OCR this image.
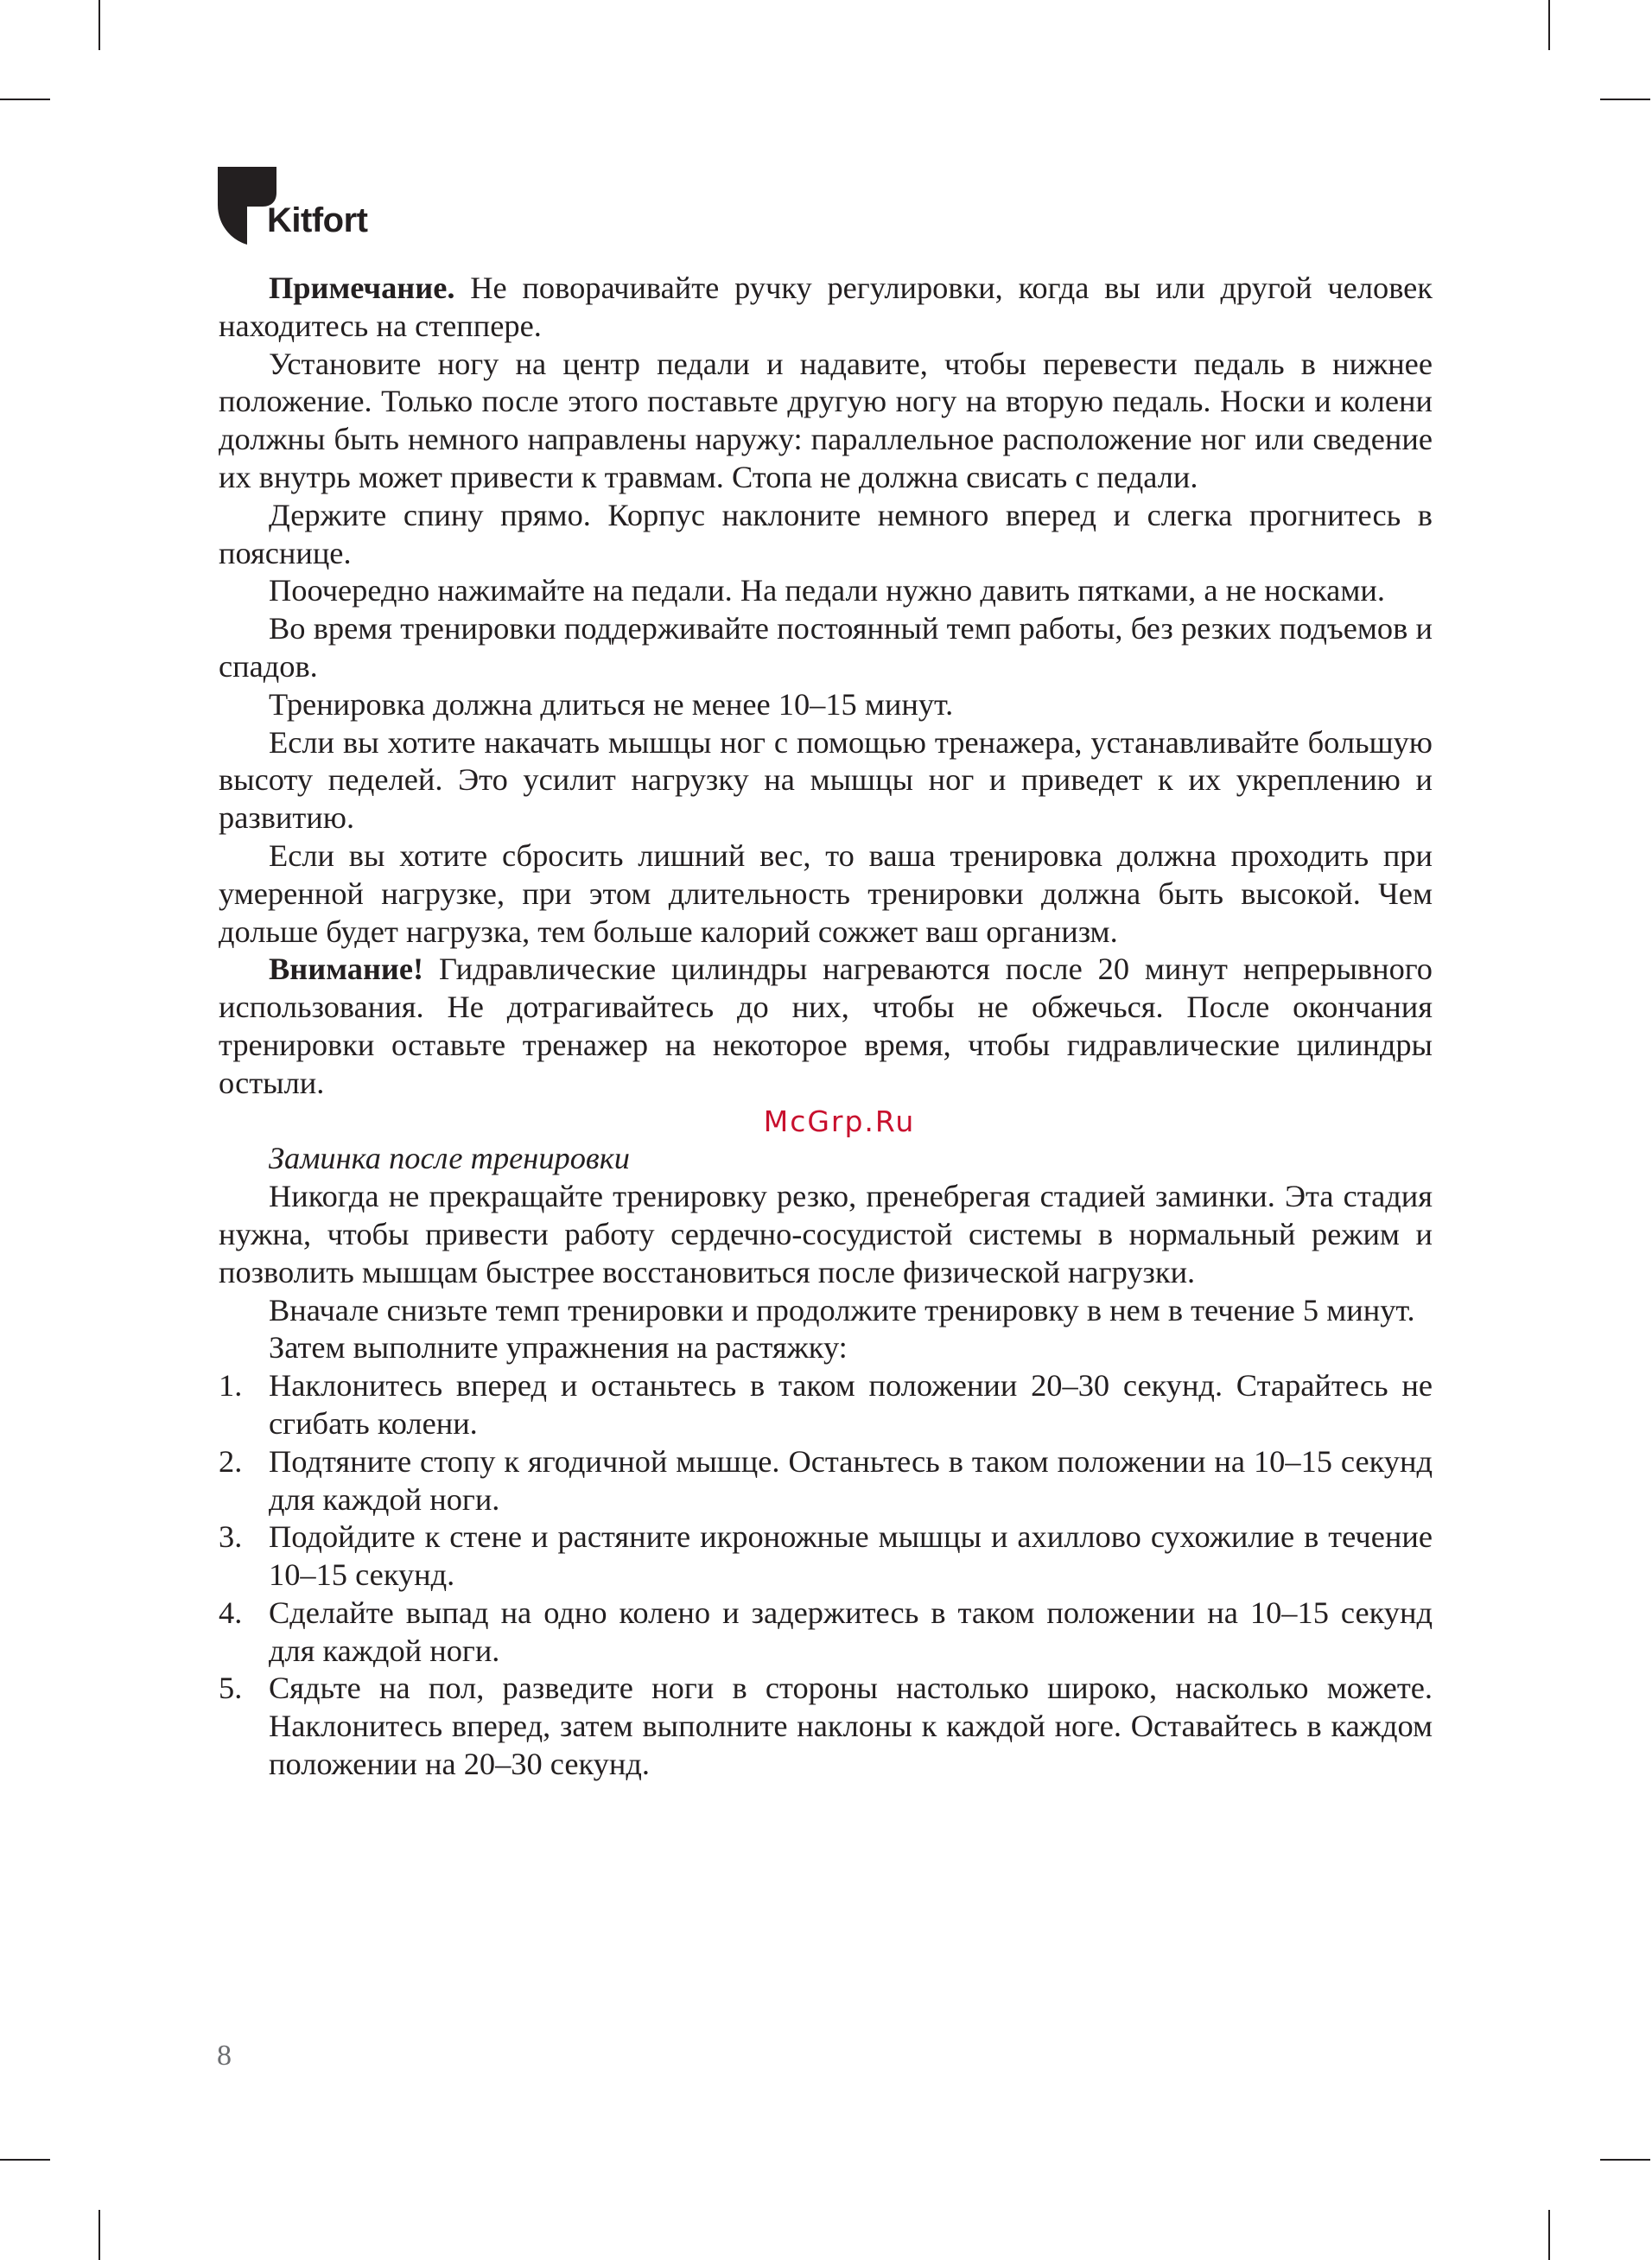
Kitfort

Примечание. Не поворачивайте ручку регулировки, когда вы или другой человек находитесь на степпере.

Установите ногу на центр педали и надавите, чтобы перевести педаль в нижнее положение. Только после этого поставьте другую ногу на вторую педаль. Носки и колени должны быть немного направлены наружу: параллельное расположение ног или сведение их внутрь может привести к травмам. Стопа не должна свисать с педали.

Держите спину прямо. Корпус наклоните немного вперед и слегка прогнитесь в пояснице.

Поочередно нажимайте на педали. На педали нужно давить пятками, а не носками.

Во время тренировки поддерживайте постоянный темп работы, без резких подъемов и спадов.

Тренировка должна длиться не менее 10–15 минут.

Если вы хотите накачать мышцы ног с помощью тренажера, устанавливайте большую высоту педелей. Это усилит нагрузку на мышцы ног и приведет к их укреплению и развитию.

Если вы хотите сбросить лишний вес, то ваша тренировка должна проходить при умеренной нагрузке, при этом длительность тренировки должна быть высокой. Чем дольше будет нагрузка, тем больше калорий сожжет ваш организм.

Внимание! Гидравлические цилиндры нагреваются после 20 минут непрерывного использования. Не дотрагивайтесь до них, чтобы не обжечься. После окончания тренировки оставьте тренажер на некоторое время, чтобы гидравлические цилиндры остыли.

McGrp.Ru

Заминка после тренировки

Никогда не прекращайте тренировку резко, пренебрегая стадией заминки. Эта стадия нужна, чтобы привести работу сердечно-сосудистой системы в нормальный режим и позволить мышцам быстрее восстановиться после физической нагрузки.

Вначале снизьте темп тренировки и продолжите тренировку в нем в течение 5 минут.

Затем выполните упражнения на растяжку:

1. Наклонитесь вперед и останьтесь в таком положении 20–30 секунд. Старайтесь не сгибать колени.
2. Подтяните стопу к ягодичной мышце. Останьтесь в таком положении на 10–15 секунд для каждой ноги.
3. Подойдите к стене и растяните икроножные мышцы и ахиллово сухожилие в течение 10–15 секунд.
4. Сделайте выпад на одно колено и задержитесь в таком положении на 10–15 секунд для каждой ноги.
5. Сядьте на пол, разведите ноги в стороны настолько широко, насколько можете. Наклонитесь вперед, затем выполните наклоны к каждой ноге. Оставайтесь в каждом положении на 20–30 секунд.
8
